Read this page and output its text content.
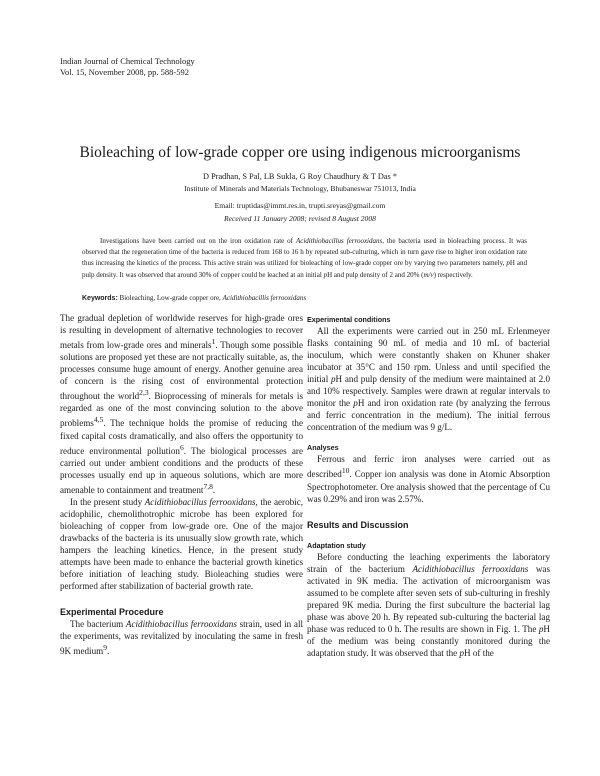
Indian Journal of Chemical Technology
Vol. 15, November 2008, pp. 588-592
Bioleaching of low-grade copper ore using indigenous microorganisms
D Pradhan, S Pal, LB Sukla, G Roy Chaudhury & T Das *
Institute of Minerals and Materials Technology, Bhubaneswar 751013, India
Email: truptidas@immt.res.in, trupti.sreyas@gmail.com
Received 11 January 2008; revised 8 August 2008

Investigations have been carried out on the iron oxidation rate of Acidithiobacillus ferrooxidans, the bacteria used in bioleaching process. It was observed that the regeneration time of the bacteria is reduced from 168 to 16 h by repeated sub-culturing, which in turn gave rise to higher iron oxidation rate thus increasing the kinetics of the process. This active strain was utilized for bioleaching of low-grade copper ore by varying two parameters namely, pH and pulp density. It was observed that around 30% of copper could be leached at an initial pH and pulp density of 2 and 20% (m/v) respectively.

Keywords: Bioleaching, Low-grade copper ore, Acidithiobacillis ferrooxidans

The gradual depletion of worldwide reserves for high-grade ores is resulting in development of alternative technologies to recover metals from low-grade ores and minerals$^1$. Though some possible solutions are proposed yet these are not practically suitable, as, the processes consume huge amount of energy. Another genuine area of concern is the rising cost of environmental protection throughout the world$^{2,3}$. Bioprocessing of minerals for metals is regarded as one of the most convincing solution to the above problems$^{4,5}$. The technique holds the promise of reducing the fixed capital costs dramatically, and also offers the opportunity to reduce environmental pollution$^6$. The biological processes are carried out under ambient conditions and the products of these processes usually end up in aqueous solutions, which are more amenable to containment and treatment$^{7,8}$.

In the present study Acidithiobacillus ferrooxidans, the aerobic, acidophilic, chemolithotrophic microbe has been explored for bioleaching of copper from low-grade ore. One of the major drawbacks of the bacteria is its unusually slow growth rate, which hampers the leaching kinetics. Hence, in the present study attempts have been made to enhance the bacterial growth kinetics before initiation of leaching study. Bioleaching studies were performed after stabilization of bacterial growth rate.

Experimental Procedure

The bacterium Acidithiobacillus ferrooxidans strain, used in all the experiments, was revitalized by inoculating the same in fresh 9K medium$^9$.

Experimental conditions

All the experiments were carried out in 250 mL Erlenmeyer flasks containing 90 mL of media and 10 mL of bacterial inoculum, which were constantly shaken on Khuner shaker incubator at 35°C and 150 rpm. Unless and until specified the initial pH and pulp density of the medium were maintained at 2.0 and 10% respectively. Samples were drawn at regular intervals to monitor the pH and iron oxidation rate (by analyzing the ferrous and ferric concentration in the medium). The initial ferrous concentration of the medium was 9 g/L.

Analyses

Ferrous and ferric iron analyses were carried out as described$^{10}$. Copper ion analysis was done in Atomic Absorption Spectrophotometer. Ore analysis showed that the percentage of Cu was 0.29% and iron was 2.57%.

Results and Discussion
Adaptation study

Before conducting the leaching experiments the laboratory strain of the bacterium Acidithiobacillus ferrooxidans was activated in 9K media. The activation of microorganism was assumed to be complete after seven sets of sub-culturing in freshly prepared 9K media. During the first subculture the bacterial lag phase was above 20 h. By repeated sub-culturing the bacterial lag phase was reduced to 0 h. The results are shown in Fig. 1. The pH of the medium was being constantly monitored during the adaptation study. It was observed that the pH of the
